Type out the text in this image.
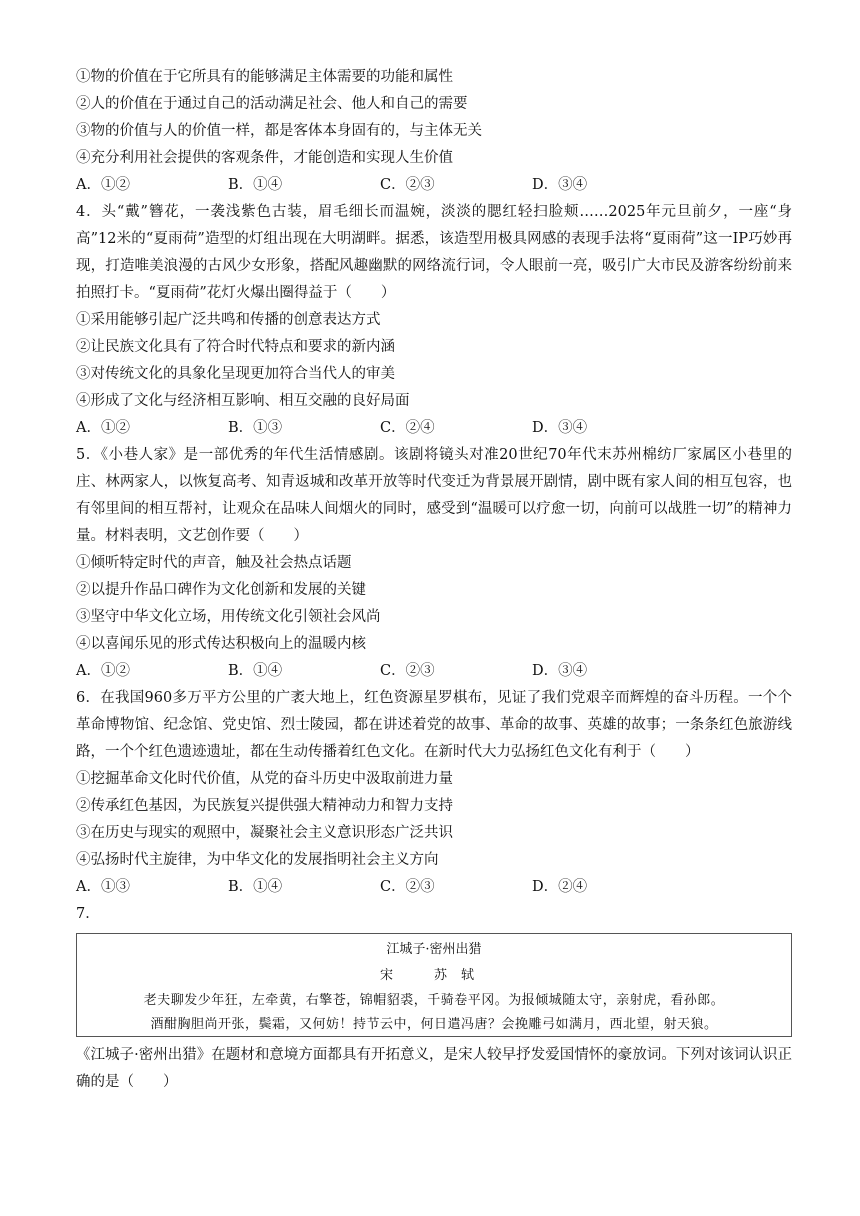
①物的价值在于它所具有的能够满足主体需要的功能和属性
②人的价值在于通过自己的活动满足社会、他人和自己的需要
③物的价值与人的价值一样，都是客体本身固有的，与主体无关
④充分利用社会提供的客观条件，才能创造和实现人生价值
A．①②	B．①④	C．②③	D．③④
4．头“戴”簪花，一袭浅紫色古装，眉毛细长而温婉，淡淡的腮红轻扫脸颊……2025年元旦前夕，一座“身高”12米的“夏雨荷”造型的灯组出现在大明湖畔。据悉，该造型用极具网感的表现手法将“夏雨荷”这一IP巧妙再现，打造唯美浪漫的古风少女形象，搭配风趣幽默的网络流行词，令人眼前一亮，吸引广大市民及游客纷纷前来拍照打卡。“夏雨荷”花灯火爆出圈得益于（　　）
①采用能够引起广泛共鸣和传播的创意表达方式
②让民族文化具有了符合时代特点和要求的新内涵
③对传统文化的具象化呈现更加符合当代人的审美
④形成了文化与经济相互影响、相互交融的良好局面
A．①②	B．①③	C．②④	D．③④
5．《小巷人家》是一部优秀的年代生活情感剧。该剧将镜头对准20世纪70年代末苏州棉纺厂家属区小巷里的庄、林两家人，以恢复高考、知青返城和改革开放等时代变迁为背景展开剧情，剧中既有家人间的相互包容，也有邻里间的相互帮衬，让观众在品味人间烟火的同时，感受到“温暖可以疗愈一切，向前可以战胜一切”的精神力量。材料表明，文艺创作要（　　）
①倾听特定时代的声音，触及社会热点话题
②以提升作品口碑作为文化创新和发展的关键
③坚守中华文化立场，用传统文化引领社会风尚
④以喜闻乐见的形式传达积极向上的温暖内核
A．①②	B．①④	C．②③	D．③④
6．在我国960多万平方公里的广袤大地上，红色资源星罗棋布，见证了我们党艰辛而辉煌的奋斗历程。一个个革命博物馆、纪念馆、党史馆、烈士陵园，都在讲述着党的故事、革命的故事、英雄的故事；一条条红色旅游线路，一个个红色遗迹遗址，都在生动传播着红色文化。在新时代大力弘扬红色文化有利于（　　）
①挖掘革命文化时代价值，从党的奋斗历史中汲取前进力量
②传承红色基因，为民族复兴提供强大精神动力和智力支持
③在历史与现实的观照中，凝聚社会主义意识形态广泛共识
④弘扬时代主旋律，为中华文化的发展指明社会主义方向
A．①③	B．①④	C．②③	D．②④
7．
江城子·密州出猎
宋　苏轼
老夫聊发少年狂，左牵黄，右擎苍，锦帽貂裘，千骑卷平冈。为报倾城随太守，亲射虎，看孙郎。
酒酣胸胆尚开张，鬓霜，又何妨！持节云中，何日遣冯唐？会挽雕弓如满月，西北望，射天狼。
《江城子·密州出猎》在题材和意境方面都具有开拓意义，是宋人较早抒发爱国情怀的豪放词。下列对该词认识正确的是（　　）
